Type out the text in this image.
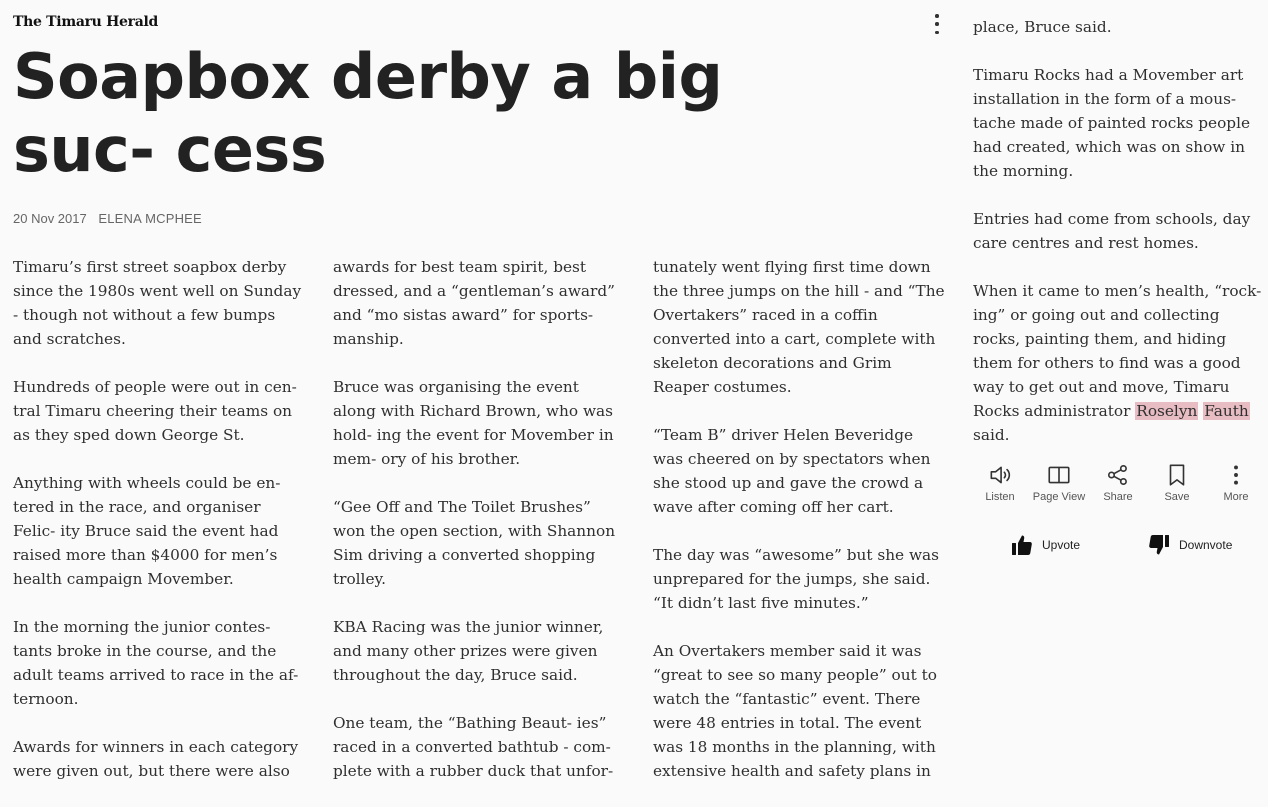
The Timaru Herald
Soapbox derby a big suc- cess
20 Nov 2017 ELENA MCPHEE

Timaru’s first street soapbox derby since the 1980s went well on Sunday - though not without a few bumps and scratches.

Hundreds of people were out in cen- tral Timaru cheering their teams on as they sped down George St.

Anything with wheels could be en- tered in the race, and organiser Felic- ity Bruce said the event had raised more than $4000 for men’s health campaign Movember.

In the morning the junior contes- tants broke in the course, and the adult teams arrived to race in the af- ternoon.

Awards for winners in each category were given out, but there were also

awards for best team spirit, best dressed, and a “gentleman’s award” and “mo sistas award” for sports- manship.

Bruce was organising the event along with Richard Brown, who was hold- ing the event for Movember in mem- ory of his brother.

“Gee Off and The Toilet Brushes” won the open section, with Shannon Sim driving a converted shopping trolley.

KBA Racing was the junior winner, and many other prizes were given throughout the day, Bruce said.

One team, the “Bathing Beaut- ies” raced in a converted bathtub - com- plete with a rubber duck that unfor-

tunately went flying first time down the three jumps on the hill - and “The Overtakers” raced in a coffin converted into a cart, complete with skeleton decorations and Grim Reaper costumes.

“Team B” driver Helen Beveridge was cheered on by spectators when she stood up and gave the crowd a wave after coming off her cart.

The day was “awesome” but she was unprepared for the jumps, she said. “It didn’t last five minutes.”

An Overtakers member said it was “great to see so many people” out to watch the “fantastic” event. There were 48 entries in total. The event was 18 months in the planning, with extensive health and safety plans in

place, Bruce said.

Timaru Rocks had a Movember art installation in the form of a mous- tache made of painted rocks people had created, which was on show in the morning.

Entries had come from schools, day care centres and rest homes.

When it came to men’s health, “rock- ing” or going out and collecting rocks, painting them, and hiding them for others to find was a good way to get out and move, Timaru Rocks administrator Roselyn Fauth said.

Listen Page View Share	Save	More
Upvote	Downvote
